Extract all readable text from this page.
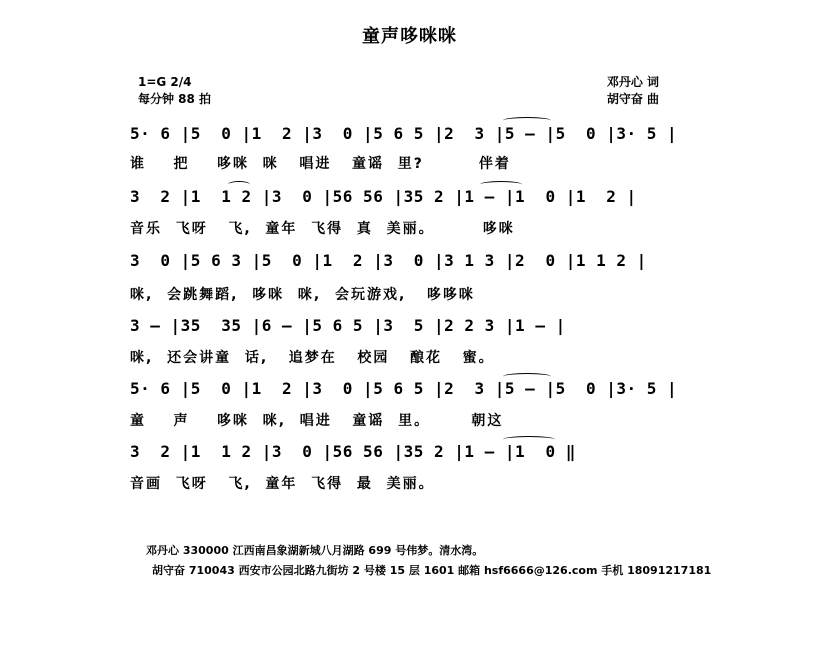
童声哆咪咪
1=G 2/4
每分钟 88 拍
邓丹心 词
胡守奋 曲
5· 6 |5  0 |1  2 |3  0 |5 6 5 |2  3 |5 — |5  0 |3· 5 |
谁    把    哆咪  咪   唱进   童谣  里?        伴着
3  2 |1  1 2 |3  0 |56 56 |35 2 |1 — |1  0 |1  2 |
音乐  飞呀   飞,  童年  飞得  真  美丽。       哆咪
3  0 |5 6 3 |5  0 |1  2 |3  0 |3 1 3 |2  0 |1 1 2 |
咪,  会跳舞蹈,  哆咪  咪,  会玩游戏,   哆哆咪
3 — |35  35 |6 — |5 6 5 |3  5 |2 2 3 |1 — |
咪,  还会讲童  话,   追梦在   校园   酿花   蜜。
5· 6 |5  0 |1  2 |3  0 |5 6 5 |2  3 |5 — |5  0 |3· 5 |
童    声    哆咪  咪,  唱进   童谣  里。      朝这
3  2 |1  1 2 |3  0 |56 56 |35 2 |1 — |1  0 ‖
音画  飞呀   飞,  童年  飞得  最  美丽。
邓丹心 330000 江西南昌象湖新城八月湖路 699 号伟梦。清水湾。
胡守奋 710043 西安市公园北路九街坊 2 号楼 15 层 1601 邮箱 hsf6666@126.com 手机 18091217181
